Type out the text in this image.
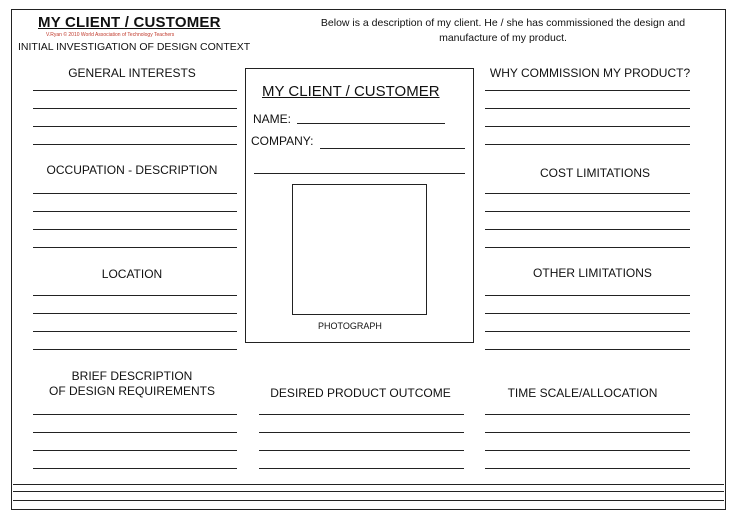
MY CLIENT / CUSTOMER
V.Ryan © 2010 World Association of Technology Teachers
INITIAL INVESTIGATION OF DESIGN CONTEXT
Below is a description of my client. He / she has commissioned the design and manufacture of my product.
GENERAL INTERESTS
OCCUPATION - DESCRIPTION
LOCATION
BRIEF DESCRIPTION
OF DESIGN REQUIREMENTS
MY CLIENT / CUSTOMER
NAME:
COMPANY:
PHOTOGRAPH
DESIRED PRODUCT OUTCOME
WHY COMMISSION MY PRODUCT?
COST LIMITATIONS
OTHER LIMITATIONS
TIME SCALE/ALLOCATION
